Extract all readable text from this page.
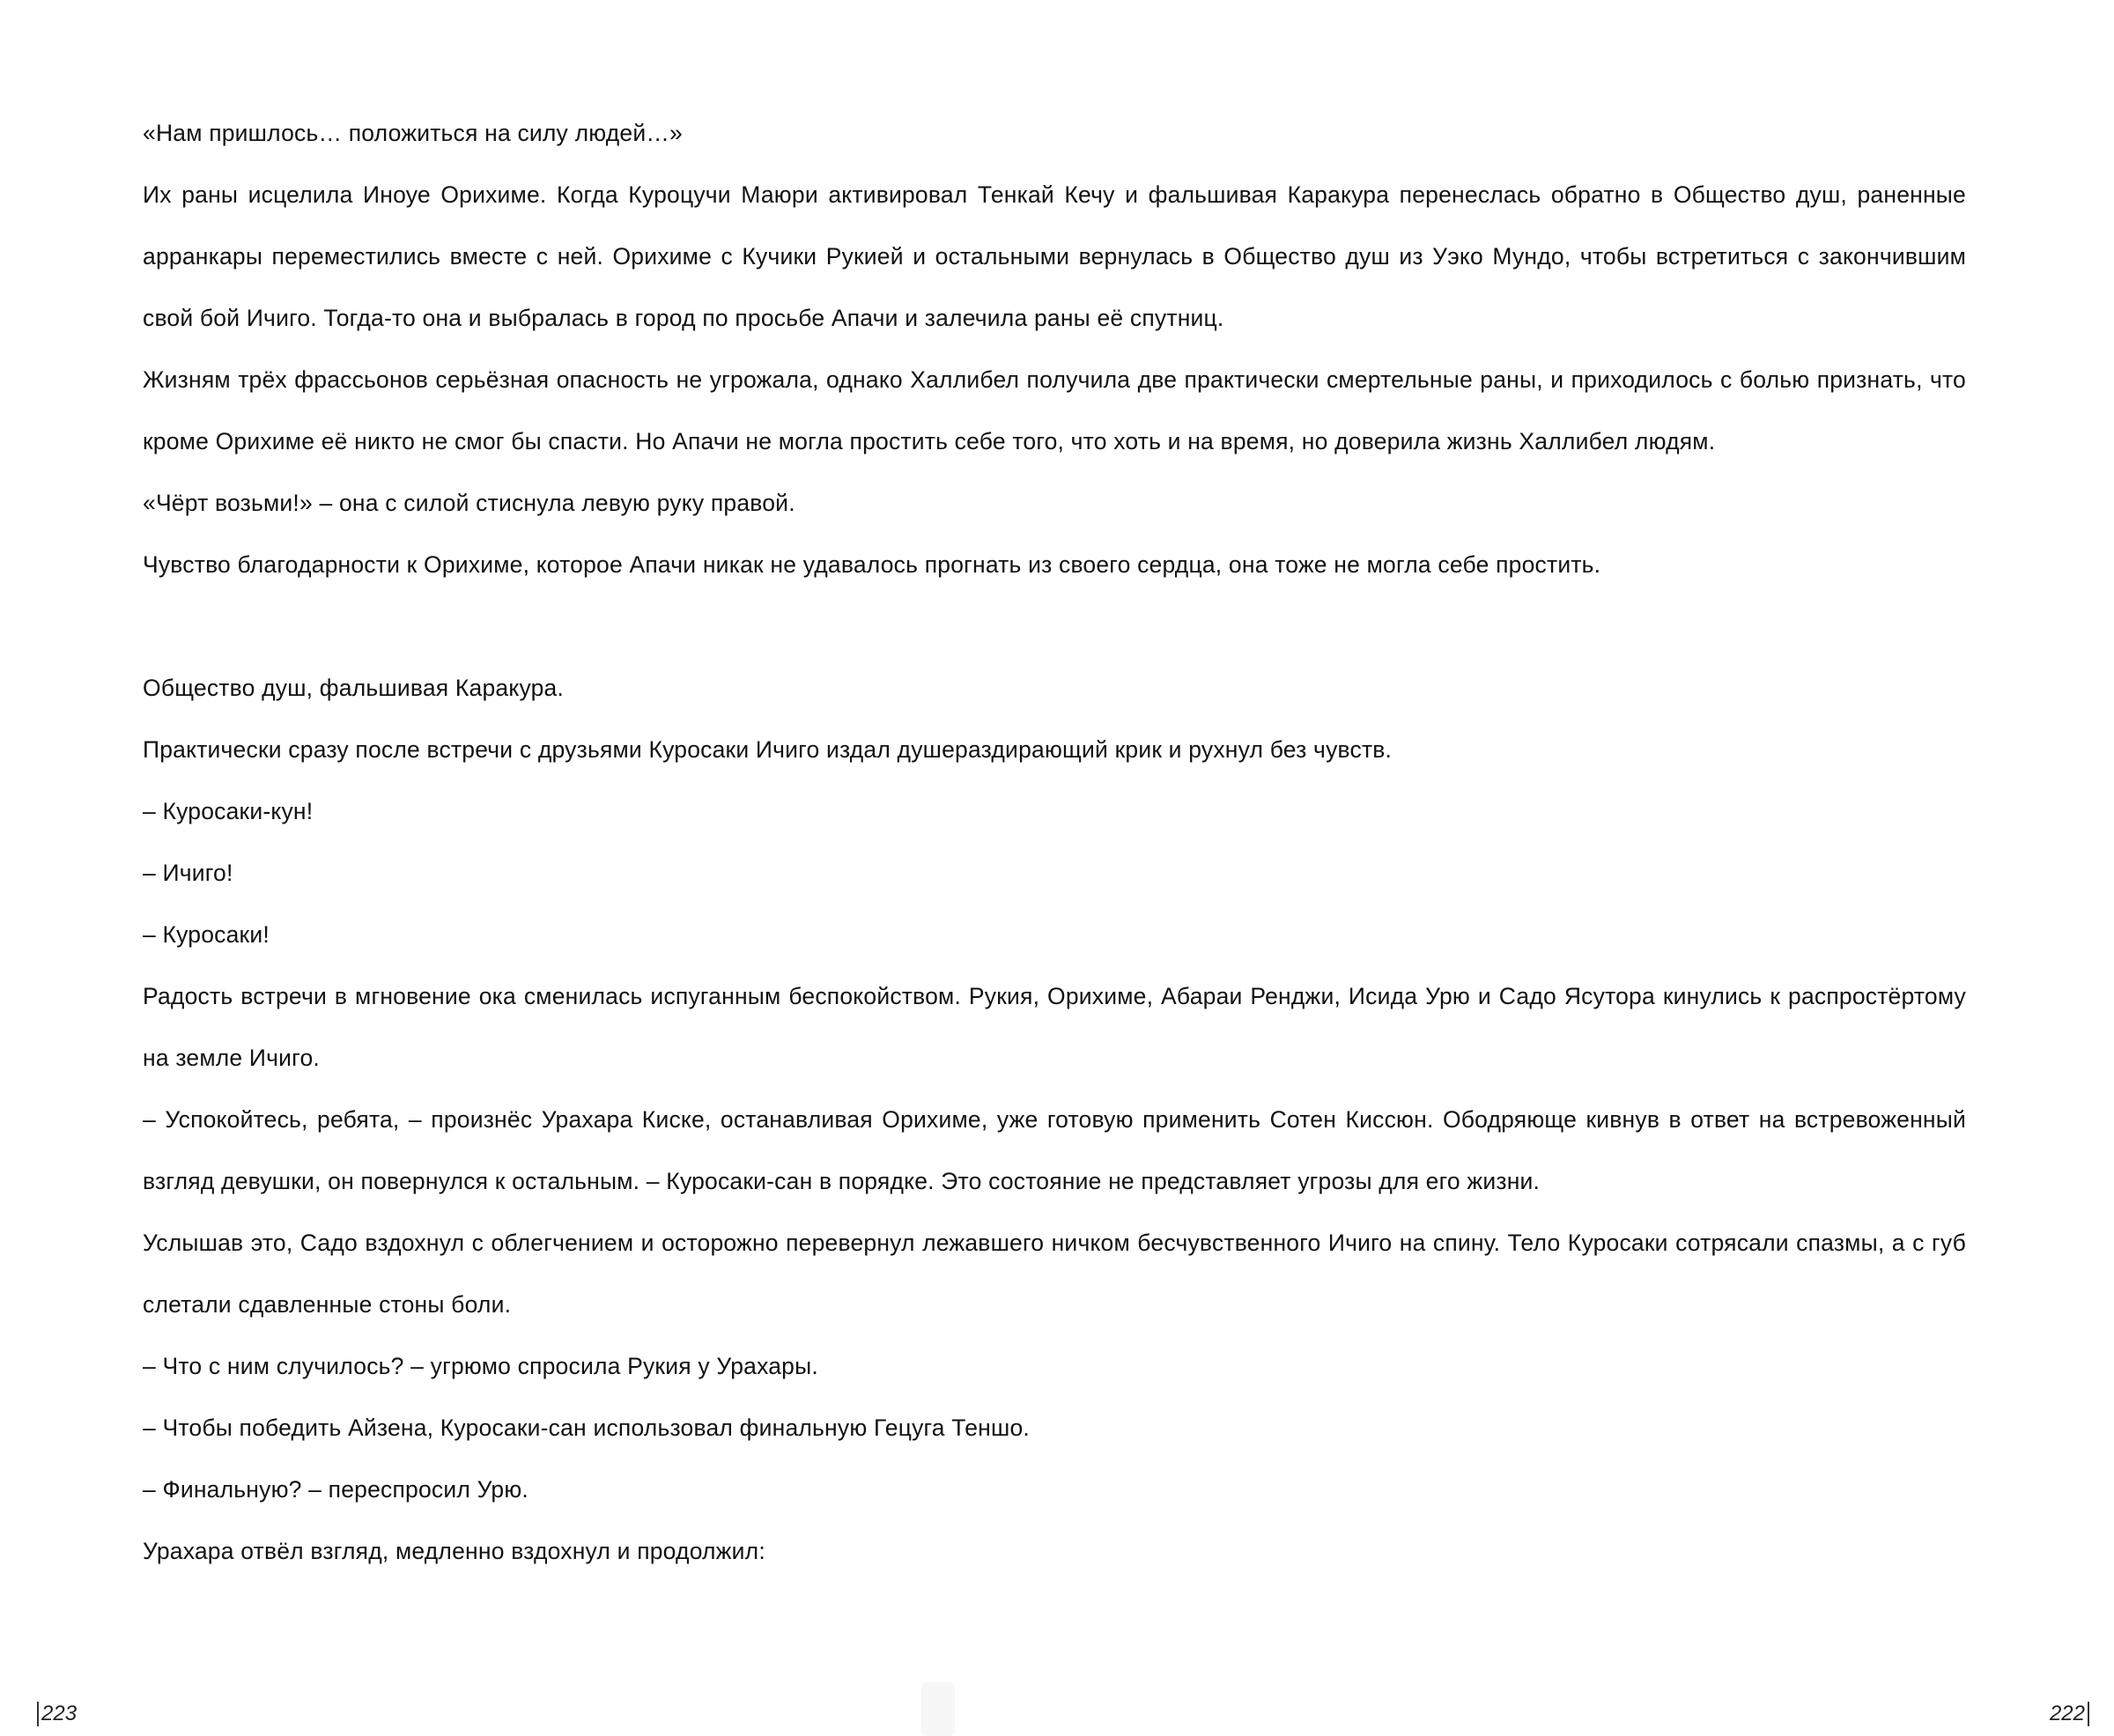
«Нам пришлось… положиться на силу людей…»

Их раны исцелила Иноуе Орихиме. Когда Куроцучи Маюри активировал Тенкай Кечу и фальшивая Каракура перенеслась обратно в Общество душ, раненные арранкары переместились вместе с ней. Орихиме с Кучики Рукией и остальными вернулась в Общество душ из Уэко Мундо, чтобы встретиться с закончившим свой бой Ичиго. Тогда-то она и выбралась в город по просьбе Апачи и залечила раны её спутниц.

Жизням трёх фрассьонов серьёзная опасность не угрожала, однако Халлибел получила две практически смертельные раны, и приходилось с болью признать, что кроме Орихиме её никто не смог бы спасти. Но Апачи не могла простить себе того, что хоть и на время, но доверила жизнь Халлибел людям.

«Чёрт возьми!» – она с силой стиснула левую руку правой.

Чувство благодарности к Орихиме, которое Апачи никак не удавалось прогнать из своего сердца, она тоже не могла себе простить.

Общество душ, фальшивая Каракура.

Практически сразу после встречи с друзьями Куросаки Ичиго издал душераздирающий крик и рухнул без чувств.

– Куросаки-кун!

– Ичиго!

– Куросаки!

Радость встречи в мгновение ока сменилась испуганным беспокойством. Рукия, Орихиме, Абараи Ренджи, Исида Урю и Садо Ясутора кинулись к распростёртому на земле Ичиго.

– Успокойтесь, ребята, – произнёс Урахара Киске, останавливая Орихиме, уже готовую применить Сотен Киссюн. Ободряюще кивнув в ответ на встревоженный взгляд девушки, он повернулся к остальным. – Куросаки-сан в порядке. Это состояние не представляет угрозы для его жизни.

Услышав это, Садо вздохнул с облегчением и осторожно перевернул лежавшего ничком бесчувственного Ичиго на спину. Тело Куросаки сотрясали спазмы, а с губ слетали сдавленные стоны боли.

– Что с ним случилось? – угрюмо спросила Рукия у Урахары.

– Чтобы победить Айзена, Куросаки-сан использовал финальную Гецуга Теншо.

– Финальную? – переспросил Урю.

Урахара отвёл взгляд, медленно вздохнул и продолжил:

223	222
